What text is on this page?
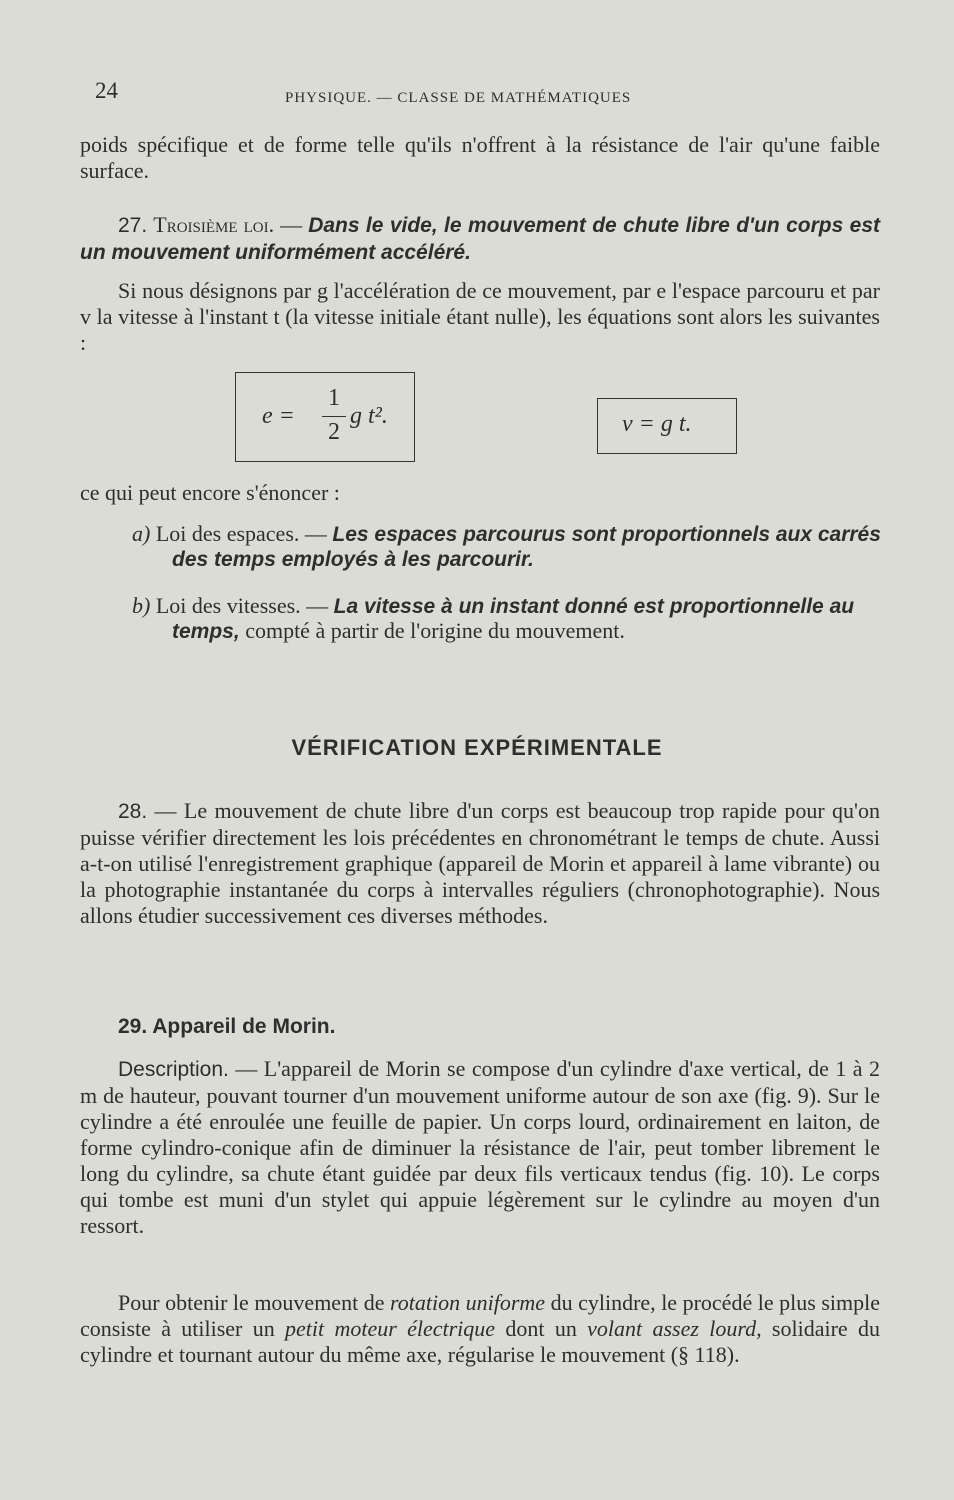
24	PHYSIQUE. — CLASSE DE MATHÉMATIQUES
poids spécifique et de forme telle qu'ils n'offrent à la résistance de l'air qu'une faible surface.
27. Troisième loi. — Dans le vide, le mouvement de chute libre d'un corps est un mouvement uniformément accéléré.
Si nous désignons par g l'accélération de ce mouvement, par e l'espace parcouru et par v la vitesse à l'instant t (la vitesse initiale étant nulle), les équations sont alors les suivantes :
e =
1
2
g t².	v = g t.
ce qui peut encore s'énoncer :
a) Loi des espaces. — Les espaces parcourus sont proportionnels aux carrés des temps employés à les parcourir.
b) Loi des vitesses. — La vitesse à un instant donné est proportionnelle au temps, compté à partir de l'origine du mouvement.
VÉRIFICATION EXPÉRIMENTALE
28. — Le mouvement de chute libre d'un corps est beaucoup trop rapide pour qu'on puisse vérifier directement les lois précédentes en chronométrant le temps de chute. Aussi a-t-on utilisé l'enregistrement graphique (appareil de Morin et appareil à lame vibrante) ou la photographie instantanée du corps à intervalles réguliers (chronophotographie). Nous allons étudier successivement ces diverses méthodes.
29. Appareil de Morin.
Description. — L'appareil de Morin se compose d'un cylindre d'axe vertical, de 1 à 2 m de hauteur, pouvant tourner d'un mouvement uniforme autour de son axe (fig. 9). Sur le cylindre a été enroulée une feuille de papier. Un corps lourd, ordinairement en laiton, de forme cylindro-conique afin de diminuer la résistance de l'air, peut tomber librement le long du cylindre, sa chute étant guidée par deux fils verticaux tendus (fig. 10). Le corps qui tombe est muni d'un stylet qui appuie légèrement sur le cylindre au moyen d'un ressort.
Pour obtenir le mouvement de rotation uniforme du cylindre, le procédé le plus simple consiste à utiliser un petit moteur électrique dont un volant assez lourd, solidaire du cylindre et tournant autour du même axe, régularise le mouvement (§ 118).
